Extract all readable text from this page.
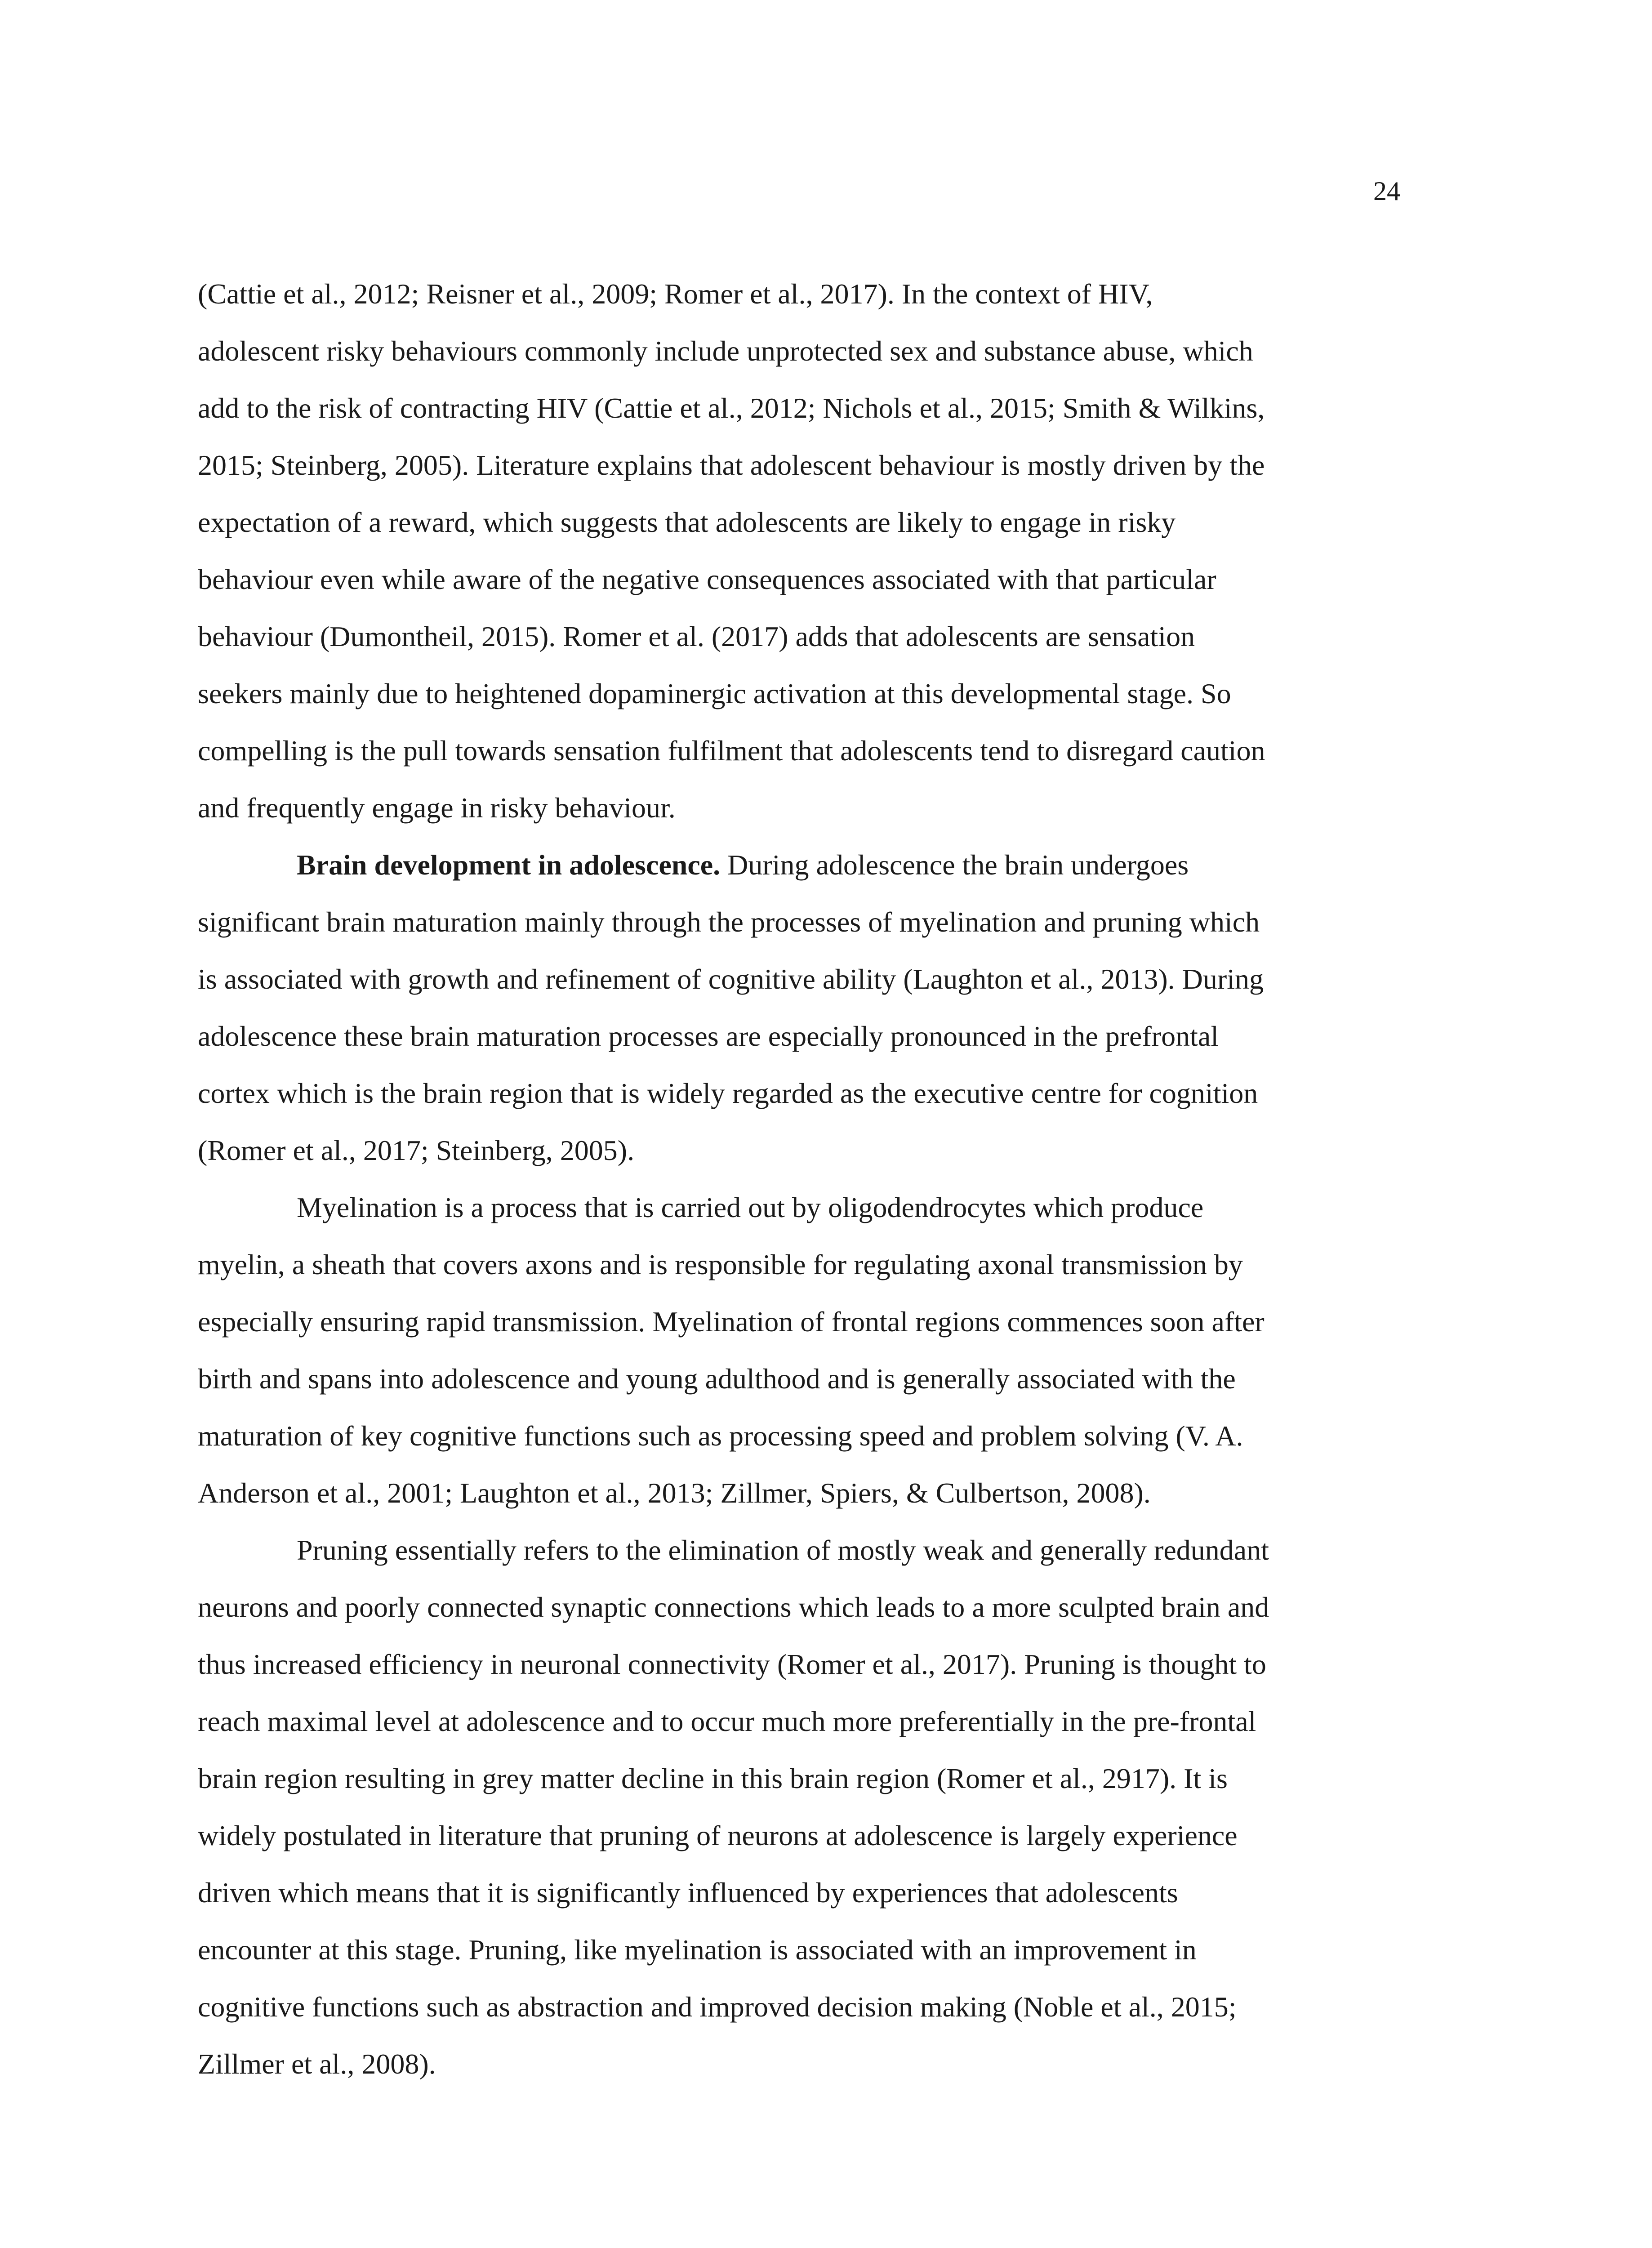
24

(Cattie et al., 2012; Reisner et al., 2009; Romer et al., 2017). In the context of HIV,
adolescent risky behaviours commonly include unprotected sex and substance abuse, which
add to the risk of contracting HIV (Cattie et al., 2012; Nichols et al., 2015; Smith & Wilkins,
2015; Steinberg, 2005). Literature explains that adolescent behaviour is mostly driven by the
expectation of a reward, which suggests that adolescents are likely to engage in risky
behaviour even while aware of the negative consequences associated with that particular
behaviour (Dumontheil, 2015). Romer et al. (2017) adds that adolescents are sensation
seekers mainly due to heightened dopaminergic activation at this developmental stage. So
compelling is the pull towards sensation fulfilment that adolescents tend to disregard caution
and frequently engage in risky behaviour.

Brain development in adolescence. During adolescence the brain undergoes
significant brain maturation mainly through the processes of myelination and pruning which
is associated with growth and refinement of cognitive ability (Laughton et al., 2013). During
adolescence these brain maturation processes are especially pronounced in the prefrontal
cortex which is the brain region that is widely regarded as the executive centre for cognition
(Romer et al., 2017; Steinberg, 2005).

Myelination is a process that is carried out by oligodendrocytes which produce
myelin, a sheath that covers axons and is responsible for regulating axonal transmission by
especially ensuring rapid transmission. Myelination of frontal regions commences soon after
birth and spans into adolescence and young adulthood and is generally associated with the
maturation of key cognitive functions such as processing speed and problem solving (V. A.
Anderson et al., 2001; Laughton et al., 2013; Zillmer, Spiers, & Culbertson, 2008).

Pruning essentially refers to the elimination of mostly weak and generally redundant
neurons and poorly connected synaptic connections which leads to a more sculpted brain and
thus increased efficiency in neuronal connectivity (Romer et al., 2017). Pruning is thought to
reach maximal level at adolescence and to occur much more preferentially in the pre-frontal
brain region resulting in grey matter decline in this brain region (Romer et al., 2917). It is
widely postulated in literature that pruning of neurons at adolescence is largely experience
driven which means that it is significantly influenced by experiences that adolescents
encounter at this stage. Pruning, like myelination is associated with an improvement in
cognitive functions such as abstraction and improved decision making (Noble et al., 2015;
Zillmer et al., 2008).
